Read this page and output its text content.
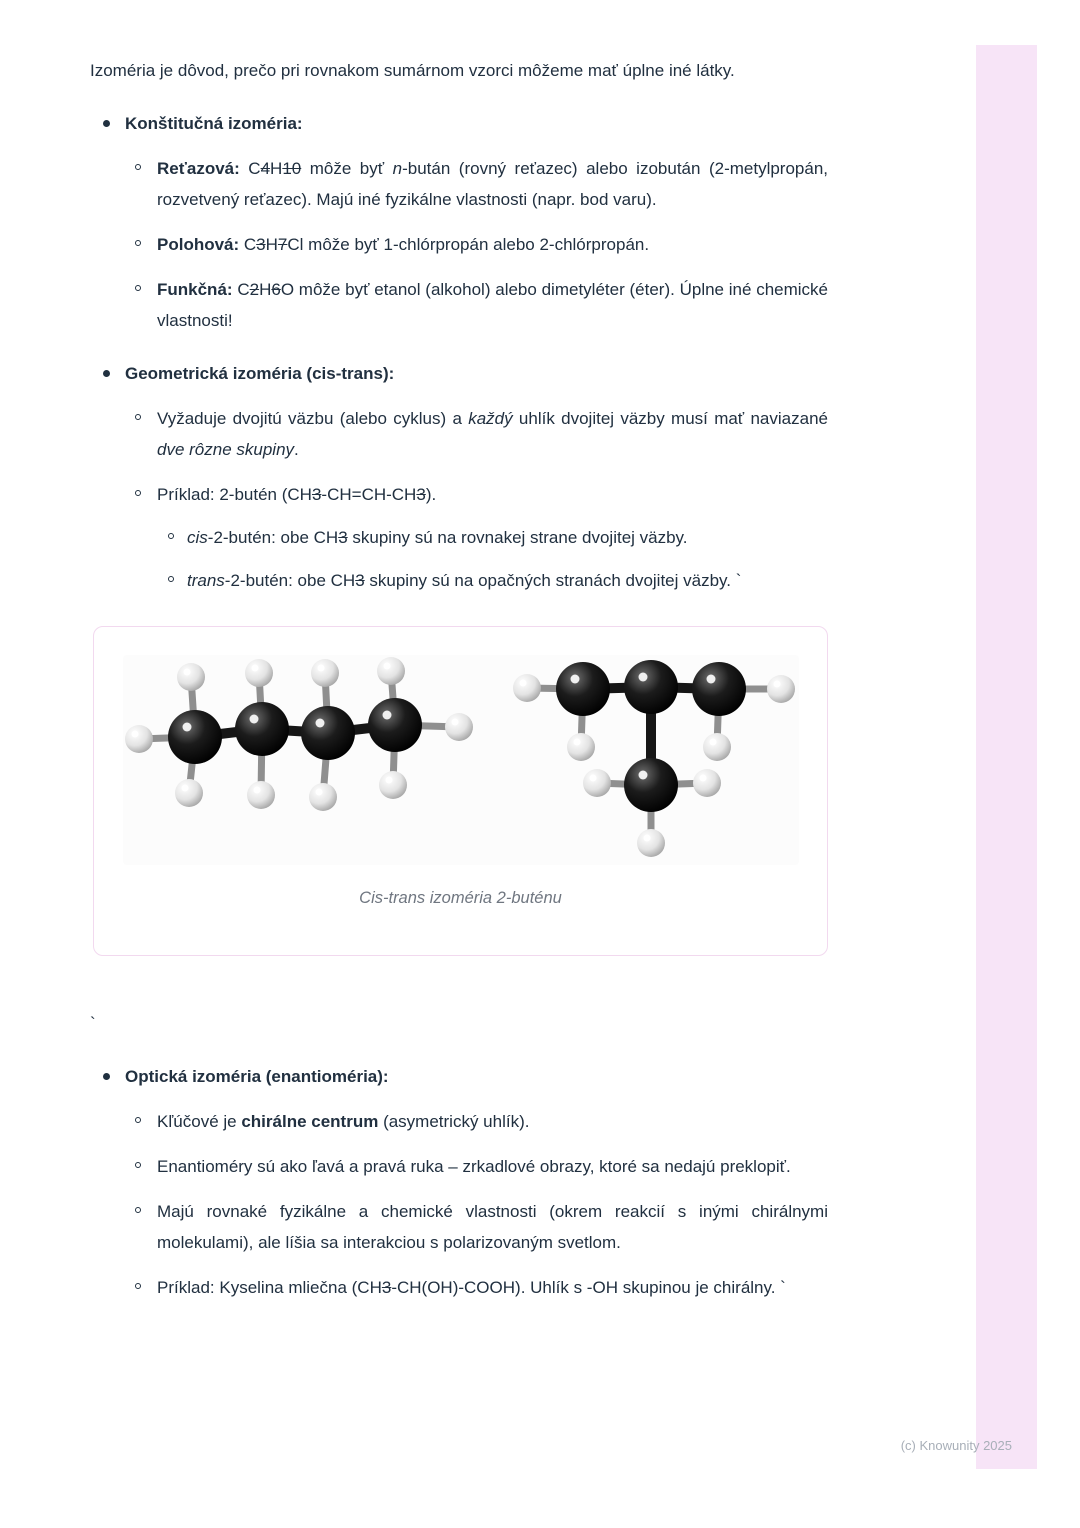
Izoméria je dôvod, prečo pri rovnakom sumárnom vzorci môžeme mať úplne iné látky.

Konštitučná izoméria:

Reťazová: C4H10 môže byť n-bután (rovný reťazec) alebo izobután (2-metylpropán, rozvetvený reťazec). Majú iné fyzikálne vlastnosti (napr. bod varu).

Polohová: C3H7Cl môže byť 1-chlórpropán alebo 2-chlórpropán.

Funkčná: C2H6O môže byť etanol (alkohol) alebo dimetyléter (éter). Úplne iné chemické vlastnosti!

Geometrická izoméria (cis-trans):

Vyžaduje dvojitú väzbu (alebo cyklus) a každý uhlík dvojitej väzby musí mať naviazané dve rôzne skupiny.

Príklad: 2-butén (CH3-CH=CH-CH3).

cis-2-butén: obe CH3 skupiny sú na rovnakej strane dvojitej väzby.

trans-2-butén: obe CH3 skupiny sú na opačných stranách dvojitej väzby. `

Cis-trans izoméria 2-buténu

`

Optická izoméria (enantioméria):

Kľúčové je chirálne centrum (asymetrický uhlík).

Enantioméry sú ako ľavá a pravá ruka – zrkadlové obrazy, ktoré sa nedajú preklopiť.

Majú rovnaké fyzikálne a chemické vlastnosti (okrem reakcií s inými chirálnymi molekulami), ale líšia sa interakciou s polarizovaným svetlom.

Príklad: Kyselina mliečna (CH3-CH(OH)-COOH). Uhlík s -OH skupinou je chirálny. `

(c) Knowunity 2025
